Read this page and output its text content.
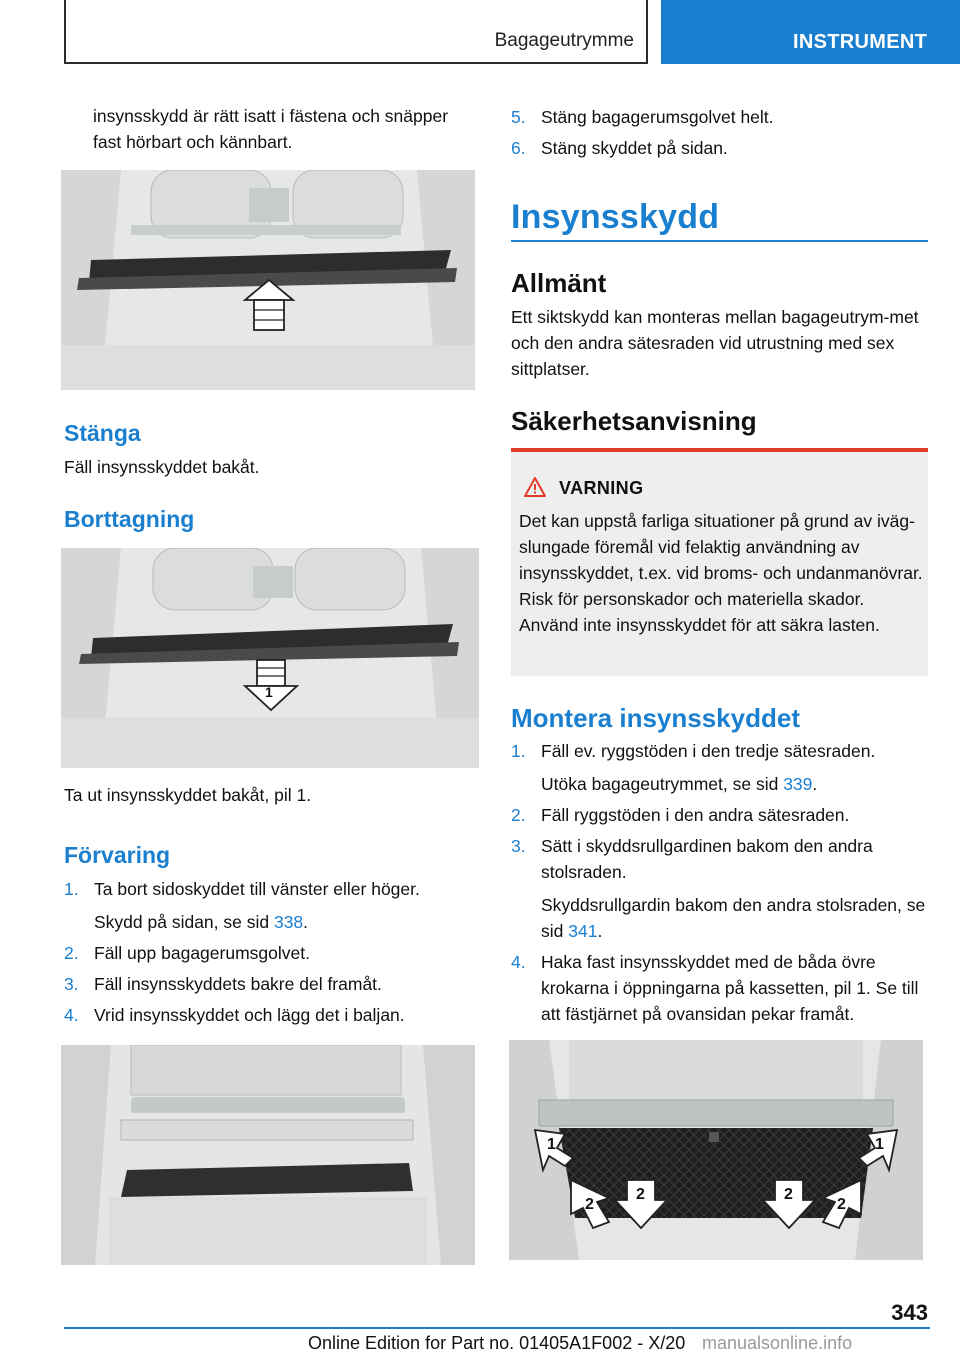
Bagageutrymme	INSTRUMENT

insynsskydd är rätt isatt i fästena och snäpper

fast hörbart och kännbart.

Stänga

Fäll insynsskyddet bakåt.

Borttagning
1

Ta ut insynsskyddet bakåt, pil 1.

Förvaring
1. Ta bort sidoskyddet till vänster eller höger.
Skydd på sidan, se sid 338.
2. Fäll upp bagagerumsgolvet.
3. Fäll insynsskyddets bakre del framåt.
4. Vrid insynsskyddet och lägg det i baljan.
5. Stäng bagagerumsgolvet helt.
6. Stäng skyddet på sidan.
Insynsskydd
Allmänt

Ett siktskydd kan monteras mellan bagageutrym-met och den andra sätesraden vid utrustning med sex sittplatser.

Säkerhetsanvisning
VARNING

Det kan uppstå farliga situationer på grund av ivägslungade föremål vid felaktig användning av insynsskyddet, t.ex. vid broms- och undanmanövrar. Risk för personskador och materiella skador. Använd inte insynsskyddet för att säkra lasten.

Montera insynsskyddet
1. Fäll ev. ryggstöden i den tredje sätesraden.
Utöka bagageutrymmet, se sid 339.
2. Fäll ryggstöden i den andra sätesraden.
3. Sätt i skyddsrullgardinen bakom den andra stolsraden.
Skyddsrullgardin bakom den andra stolsraden, se sid 341.
4. Haka fast insynsskyddet med de båda övre krokarna i öppningarna på kassetten, pil 1. Se till att fästjärnet på ovansidan pekar framåt.
1
2
2	2
2
1
343
Online Edition for Part no. 01405A1F002 - X/20 manualsonline.info
